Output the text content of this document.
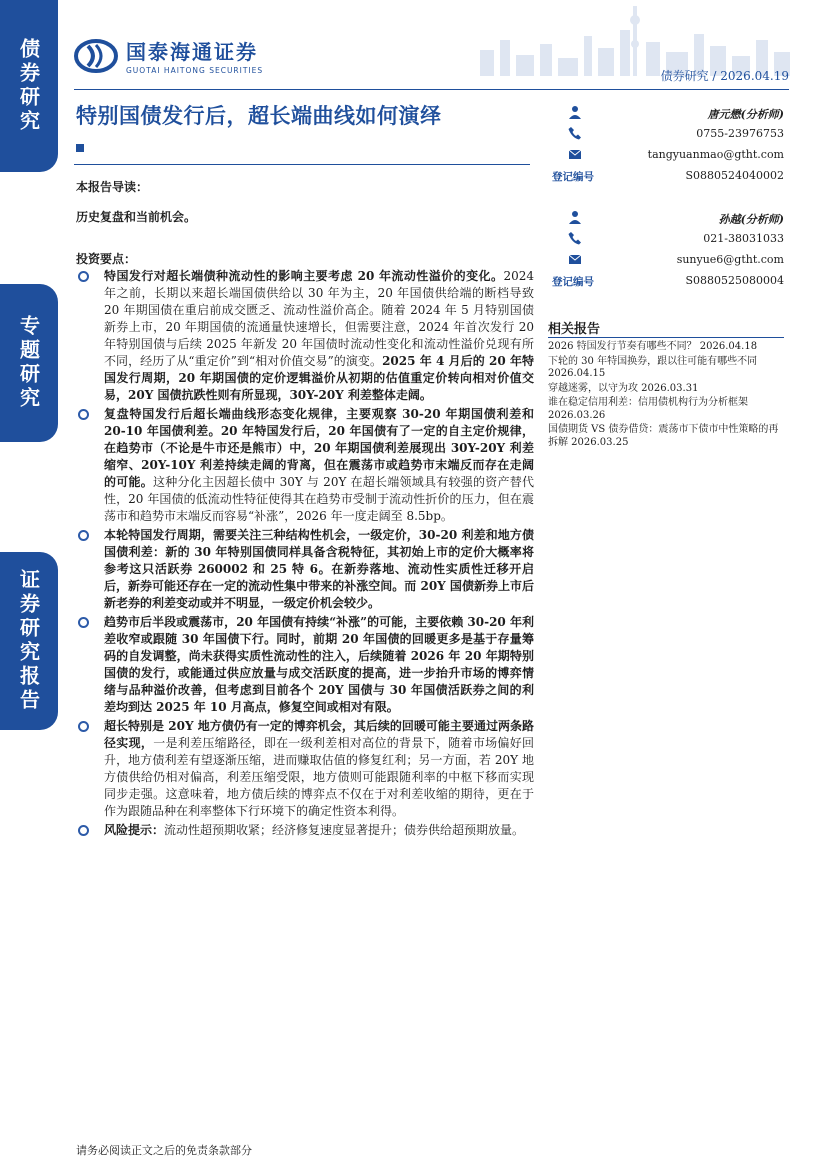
债券研究
专题研究
证券研究报告
国泰海通证券
GUOTAI HAITONG SECURITIES	债券研究 / 2026.04.19
特别国债发行后，超长端曲线如何演绎
本报告导读：
历史复盘和当前机会。
投资要点：
特国发行对超长端债种流动性的影响主要考虑 20 年流动性溢价的变化。2024 年之前，长期以来超长端国债供给以 30 年为主，20 年国债供给端的断档导致 20 年期国债在重启前成交匮乏、流动性溢价高企。随着 2024 年 5 月特别国债新券上市，20 年期国债的流通量快速增长，但需要注意，2024 年首次发行 20 年特别国债与后续 2025 年新发 20 年国债时流动性变化和流动性溢价兑现有所不同，经历了从“重定价”到“相对价值交易”的演变。2025 年 4 月后的 20 年特国发行周期，20 年期国债的定价逻辑溢价从初期的估值重定价转向相对价值交易，20Y 国债抗跌性则有所显现，30Y-20Y 利差整体走阔。
复盘特国发行后超长端曲线形态变化规律，主要观察 30-20 年期国债利差和 20-10 年国债利差。20 年特国发行后，20 年国债有了一定的自主定价规律，在趋势市（不论是牛市还是熊市）中，20 年期国债利差展现出 30Y-20Y 利差缩窄、20Y-10Y 利差持续走阔的背离，但在震荡市或趋势市末端反而存在走阔的可能。这种分化主因超长债中 30Y 与 20Y 在超长端领域具有较强的资产替代性，20 年国债的低流动性特征使得其在趋势市受制于流动性折价的压力，但在震荡市和趋势市末端反而容易“补涨”，2026 年一度走阔至 8.5bp。
本轮特国发行周期，需要关注三种结构性机会，一级定价，30-20 利差和地方债国债利差：新的 30 年特别国债同样具备含税特征，其初始上市的定价大概率将参考这只活跃券 260002 和 25 特 6。在新券落地、流动性实质性迁移开启后，新券可能还存在一定的流动性集中带来的补涨空间。而 20Y 国债新券上市后新老券的利差变动或并不明显，一级定价机会较少。
趋势市后半段或震荡市，20 年国债有持续“补涨”的可能，主要依赖 30-20 年利差收窄或跟随 30 年国债下行。同时，前期 20 年国债的回暖更多是基于存量筹码的自发调整，尚未获得实质性流动性的注入，后续随着 2026 年 20 年期特别国债的发行，或能通过供应放量与成交活跃度的提高，进一步抬升市场的博弈情绪与品种溢价改善，但考虑到目前各个 20Y 国债与 30 年国债活跃券之间的利差均到达 2025 年 10 月高点，修复空间或相对有限。
超长特别是 20Y 地方债仍有一定的博弈机会，其后续的回暖可能主要通过两条路径实现，一是利差压缩路径，即在一级利差相对高位的背景下，随着市场偏好回升，地方债利差有望逐渐压缩，进而赚取估值的修复红利；另一方面，若 20Y 地方债供给仍相对偏高，利差压缩受限，地方债则可能跟随利率的中枢下移而实现同步走强。这意味着，地方债后续的博弈点不仅在于对利差收缩的期待，更在于作为跟随品种在利率整体下行环境下的确定性资本利得。
风险提示：流动性超预期收紧；经济修复速度显著提升；债券供给超预期放量。
唐元懋(分析师)
0755-23976753
tangyuanmao@gtht.com
登记编号	S0880524040002
孙越(分析师)
021-38031033
sunyue6@gtht.com
登记编号	S0880525080004
相关报告
2026 特国发行节奏有哪些不同？ 2026.04.18
下轮的 30 年特国换券，跟以往可能有哪些不同 2026.04.15
穿越迷雾，以守为攻 2026.03.31
谁在稳定信用利差：信用债机构行为分析框架 2026.03.26
国债期货 VS 债券借贷：震荡市下债市中性策略的再拆解 2026.03.25
请务必阅读正文之后的免责条款部分
